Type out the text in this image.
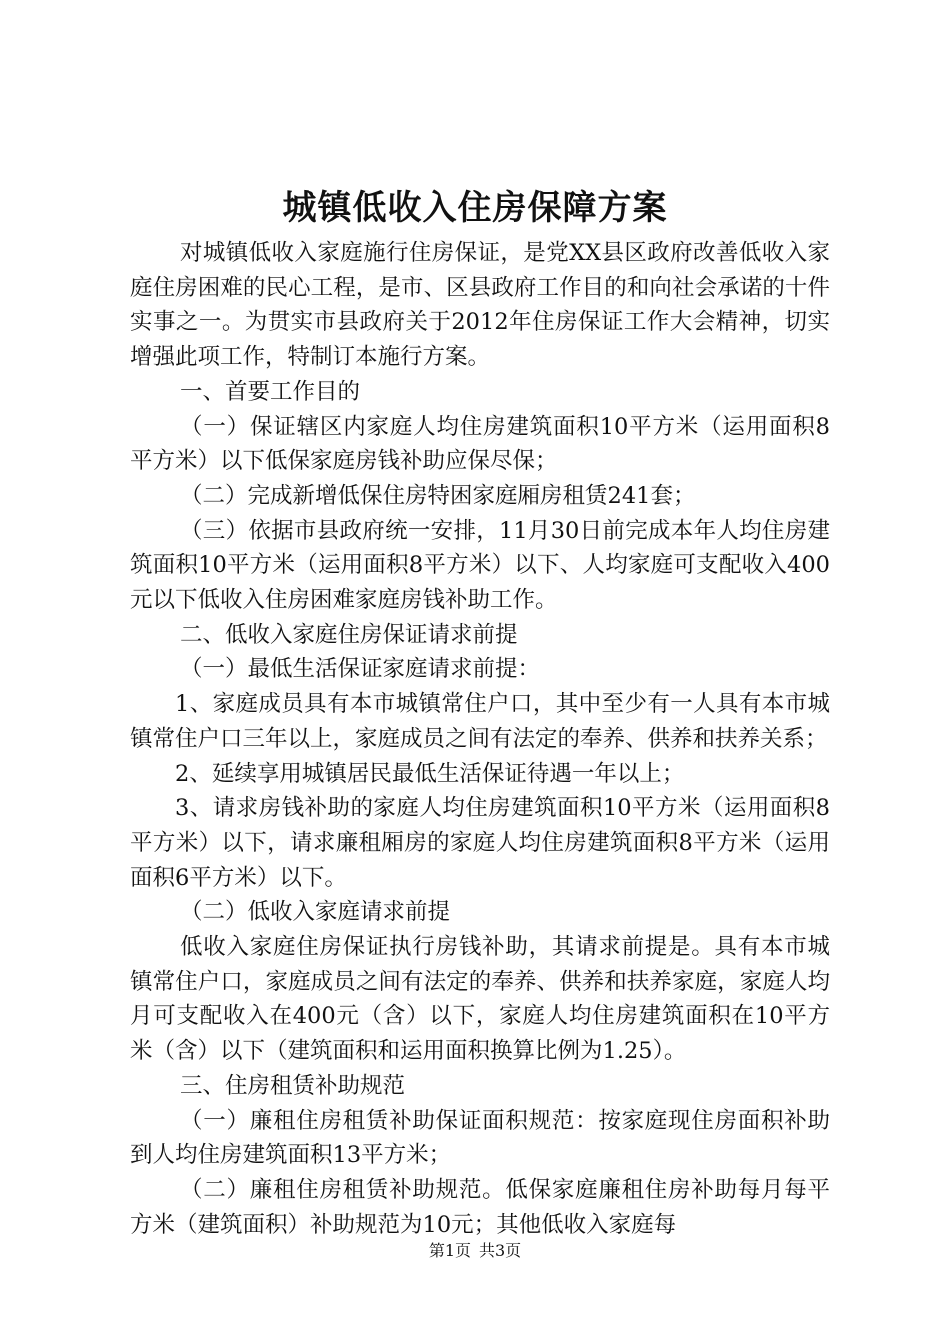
城镇低收入住房保障方案

对城镇低收入家庭施行住房保证，是党XX县区政府改善低收入家庭住房困难的民心工程，是市、区县政府工作目的和向社会承诺的十件实事之一。为贯实市县政府关于2012年住房保证工作大会精神，切实增强此项工作，特制订本施行方案。

一、首要工作目的

（一）保证辖区内家庭人均住房建筑面积10平方米（运用面积8平方米）以下低保家庭房钱补助应保尽保；

（二）完成新增低保住房特困家庭厢房租赁241套；

（三）依据市县政府统一安排，11月30日前完成本年人均住房建筑面积10平方米（运用面积8平方米）以下、人均家庭可支配收入400元以下低收入住房困难家庭房钱补助工作。

二、低收入家庭住房保证请求前提

（一）最低生活保证家庭请求前提：

1、家庭成员具有本市城镇常住户口，其中至少有一人具有本市城镇常住户口三年以上，家庭成员之间有法定的奉养、供养和扶养关系；

2、延续享用城镇居民最低生活保证待遇一年以上；

3、请求房钱补助的家庭人均住房建筑面积10平方米（运用面积8平方米）以下，请求廉租厢房的家庭人均住房建筑面积8平方米（运用面积6平方米）以下。

（二）低收入家庭请求前提

低收入家庭住房保证执行房钱补助，其请求前提是。具有本市城镇常住户口，家庭成员之间有法定的奉养、供养和扶养家庭，家庭人均月可支配收入在400元（含）以下，家庭人均住房建筑面积在10平方米（含）以下（建筑面积和运用面积换算比例为1.25）。

三、住房租赁补助规范

（一）廉租住房租赁补助保证面积规范：按家庭现住房面积补助到人均住房建筑面积13平方米；

（二）廉租住房租赁补助规范。低保家庭廉租住房补助每月每平方米（建筑面积）补助规范为10元；其他低收入家庭每

第1页 共3页
